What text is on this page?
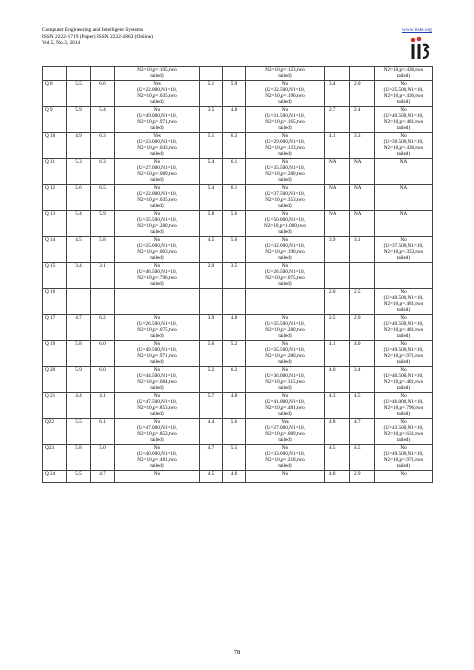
Computer Engineering and Intelligent Systems
ISSN 2222-1719 (Paper) ISSN 2222-2863 (Online)
Vol.5, No.3, 2014
www.iiste.org
			N2=10,p=.105,two
tailed)			N2=10,p=.123,two
tailed)			N2=10,p=.436,two
tailed)
Q 8	5.5	6.6	Yes
(U=22.000,N1=10,
N2=10,p=.035,two
tailed)	5.1	5.9	No
(U=32.500,N1=10,
N2=10,p=.190,two
tailed)	3.4	2.0	No
(U=25.500,N1=10,
N2=10,p=.436,two
tailed)
Q 9	5.9	5.4	No
(U=49.000,N1=10,
N2=10,p=.971,two
tailed)	3.5	4.8	No
(U=31.500,N1=10,
N2=10,p=.165,two
tailed)	2.7	2.4	No
(U=40.500,N1=10,
N2=10,p=.481,two
tailed)
Q 10	4.9	6.3	Yes
(U=23.000,N1=10,
N2=10,p=.043,two
tailed)	5.1	6.3	No
(U=29.000,N1=10,
N2=10,p=.123,two
tailed)	4.1	3.3	No
(U=39.500,N1=10,
N2=10,p=.436,two
tailed)
Q 11	5.3	6.3	No
(U=27.000,N1=10,
N2=10,p=.089,two
tailed)	5.4	6.1	No
(U=35.500,N1=10,
N2=10,p=.280,two
tailed)	NA	NA	NA
Q 12	5.6	6.5	No
(U=22.000,N1=10,
N2=10,p=.035,two
tailed)	5.4	6.1	No
(U=37.500,N1=10,
N2=10,p=.353,two
tailed)	NA	NA	NA
Q 13	5.4	5.9	No
(U=35.500,N1=10,
N2=10,p=.280,two
tailed)	5.8	5.6	No
(U=50.000,N1=10,
N2=10,p=1.000,two
tailed)	NA	NA	NA
Q 14	4.5	5.8	No
(U=25.000,N1=10,
N2=10,p=.063,two
tailed)	4.5	5.6	No
(U=32.000,N1=10,
N2=10,p=.190,two
tailed)	3.9	3.1	No
(U=37.500,N1=10,
N2=10,p=.353,two
tailed)
Q 15	3.4	3.1	No
(U=46.500,N1=10,
N2=10,p=.796,two
tailed)	2.0	3.5	No
(U=26.500,N1=10,
N2=10,p=.075,two
tailed)			
Q 16							2.0	2.5	No
(U=40.500,N1=10,
N2=10,p=.481,two
tailed)
Q 17	4.7	6.2	No
(U=26.500,N1=10,
N2=10,p=.075,two
tailed)	3.9	4.8	No
(U=35.500,N1=10,
N2=10,p=.280,two
tailed)	2.5	2.0	No
(U=40.500,N1=10,
N2=10,p=.481,two
tailed)
Q 19	5.8	6.0	No
(U=49.500,N1=10,
N2=10,p=.971,two
tailed)	5.6	5.2	No
(U=35.500,N1=10,
N2=10,p=.280,two
tailed)	4.1	4.0	No
(U=49.500,N1=10,
N2=10,p=.971,two
tailed)
Q 20	5.9	6.0	No
(U=44.500,N1=10,
N2=10,p=.684,two
tailed)	5.2	6.2	No
(U=36.000,N1=10,
N2=10,p=.315,two
tailed)	4.0	3.4	No
(U=40.500,N1=10,
N2=10,p=.481,two
tailed)
Q 21	4.4	4.1	No
(U=47.500,N1=10,
N2=10,p=.853,two
tailed)	5.7	4.8	No
(U=41.000,N1=10,
N2=10,p=.481,two
tailed)	4.3	4.5	No
(U=46.000,N1=10,
N2=10,p=.796,two
tailed)
Q22	5.5	6.1	No
(U=47.000,N1=10,
N2=10,p=.853,two
tailed)	4.4	5.6	Yes
(U=27.000,N1=10,
N2=10,p=.089,two
tailed)	4.8	4.7	No
(U=43.500,N1=10,
N2=10,p=.631,two
tailed)
Q23	5.8	5.0	No
(U=40.000,N1=10,
N2=10,p=.481,two
tailed)	4.7	5.5	No
(U=33.000,N1=10,
N2=10,p=.218,two
tailed)	4.5	4.5	No
(U=49.500,N1=10,
N2=10,p=.971,two
tailed)
Q 24	5.5	4.7	No	4.5	4.6	No	4.8	2.9	No
78
